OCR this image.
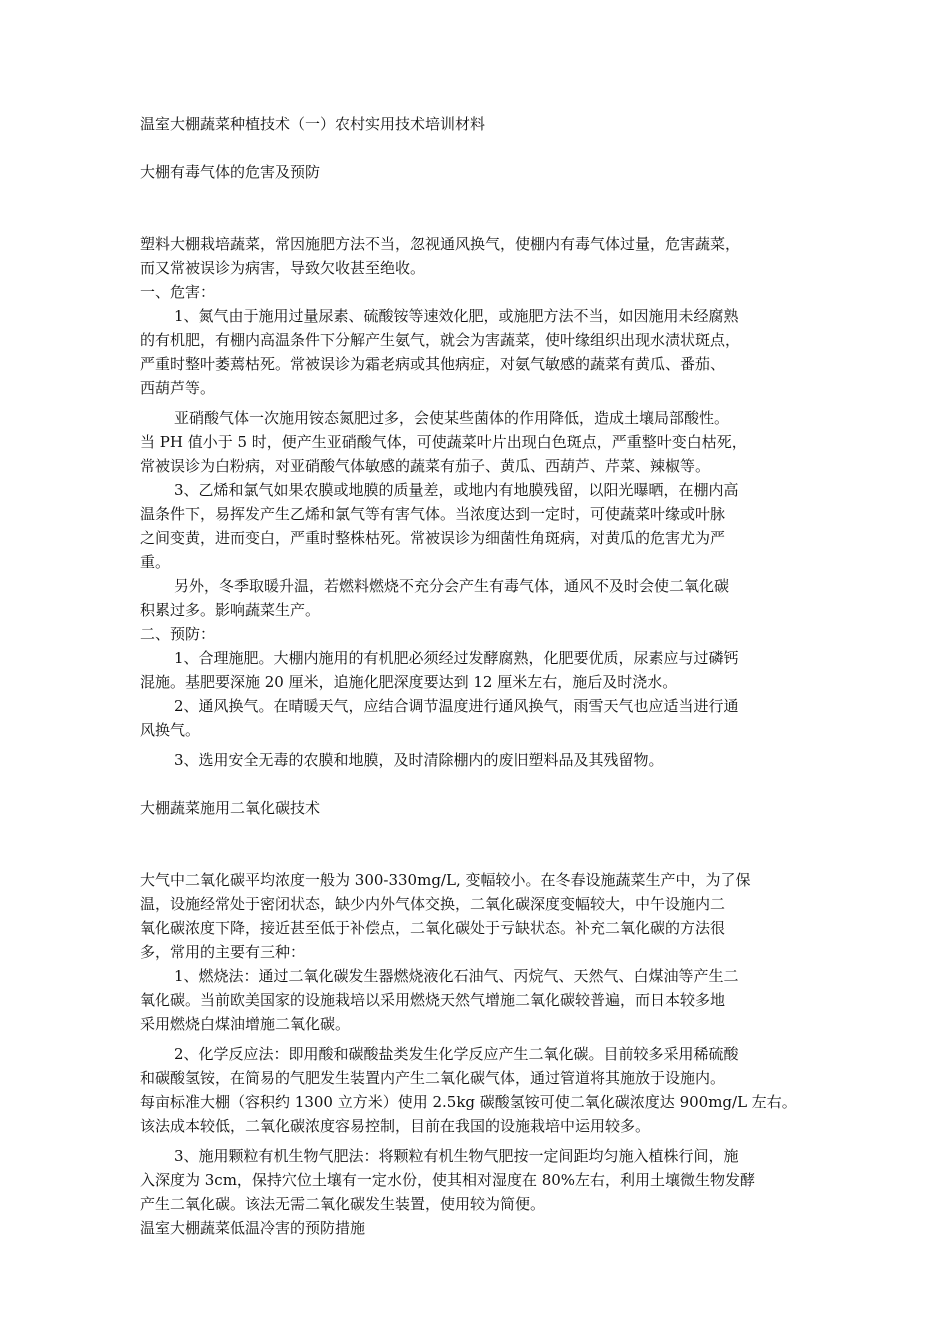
温室大棚蔬菜种植技术（一）农村实用技术培训材料

大棚有毒气体的危害及预防

塑料大棚栽培蔬菜，常因施肥方法不当，忽视通风换气，使棚内有毒气体过量，危害蔬菜，

而又常被误诊为病害，导致欠收甚至绝收。

一、危害：

1、氮气由于施用过量尿素、硫酸铵等速效化肥，或施肥方法不当，如因施用未经腐熟

的有机肥，有棚内高温条件下分解产生氨气，就会为害蔬菜，使叶缘组织出现水渍状斑点，

严重时整叶萎蔫枯死。常被误诊为霜老病或其他病症，对氨气敏感的蔬菜有黄瓜、番茄、

西葫芦等。

亚硝酸气体一次施用铵态氮肥过多，会使某些菌体的作用降低，造成土壤局部酸性。

当 PH 值小于 5 时，便产生亚硝酸气体，可使蔬菜叶片出现白色斑点，严重整叶变白枯死，

常被误诊为白粉病，对亚硝酸气体敏感的蔬菜有茄子、黄瓜、西葫芦、芹菜、辣椒等。

3、乙烯和氯气如果农膜或地膜的质量差，或地内有地膜残留，以阳光曝晒，在棚内高

温条件下，易挥发产生乙烯和氯气等有害气体。当浓度达到一定时，可使蔬菜叶缘或叶脉

之间变黄，进而变白，严重时整株枯死。常被误诊为细菌性角斑病，对黄瓜的危害尤为严

重。

另外，冬季取暖升温，若燃料燃烧不充分会产生有毒气体，通风不及时会使二氧化碳

积累过多。影响蔬菜生产。

二、预防：

1、合理施肥。大棚内施用的有机肥必须经过发酵腐熟，化肥要优质，尿素应与过磷钙

混施。基肥要深施 20 厘米，追施化肥深度要达到 12 厘米左右，施后及时浇水。

2、通风换气。在晴暖天气，应结合调节温度进行通风换气，雨雪天气也应适当进行通

风换气。

3、选用安全无毒的农膜和地膜，及时清除棚内的废旧塑料品及其残留物。

大棚蔬菜施用二氧化碳技术

大气中二氧化碳平均浓度一般为 300-330mg/L, 变幅较小。在冬春设施蔬菜生产中，为了保

温，设施经常处于密闭状态，缺少内外气体交换，二氧化碳深度变幅较大，中午设施内二

氧化碳浓度下降，接近甚至低于补偿点，二氧化碳处于亏缺状态。补充二氧化碳的方法很

多，常用的主要有三种：

1、燃烧法：通过二氧化碳发生器燃烧液化石油气、丙烷气、天然气、白煤油等产生二

氧化碳。当前欧美国家的设施栽培以采用燃烧天然气增施二氧化碳较普遍，而日本较多地

采用燃烧白煤油增施二氧化碳。

2、化学反应法：即用酸和碳酸盐类发生化学反应产生二氧化碳。目前较多采用稀硫酸

和碳酸氢铵，在简易的气肥发生装置内产生二氧化碳气体，通过管道将其施放于设施内。

每亩标准大棚（容积约 1300 立方米）使用 2.5kg 碳酸氢铵可使二氧化碳浓度达 900mg/L 左右。

该法成本较低，二氧化碳浓度容易控制，目前在我国的设施栽培中运用较多。

3、施用颗粒有机生物气肥法：将颗粒有机生物气肥按一定间距均匀施入植株行间，施

入深度为 3cm，保持穴位土壤有一定水份，使其相对湿度在 80%左右，利用土壤微生物发酵

产生二氧化碳。该法无需二氧化碳发生装置，使用较为简便。

温室大棚蔬菜低温冷害的预防措施
